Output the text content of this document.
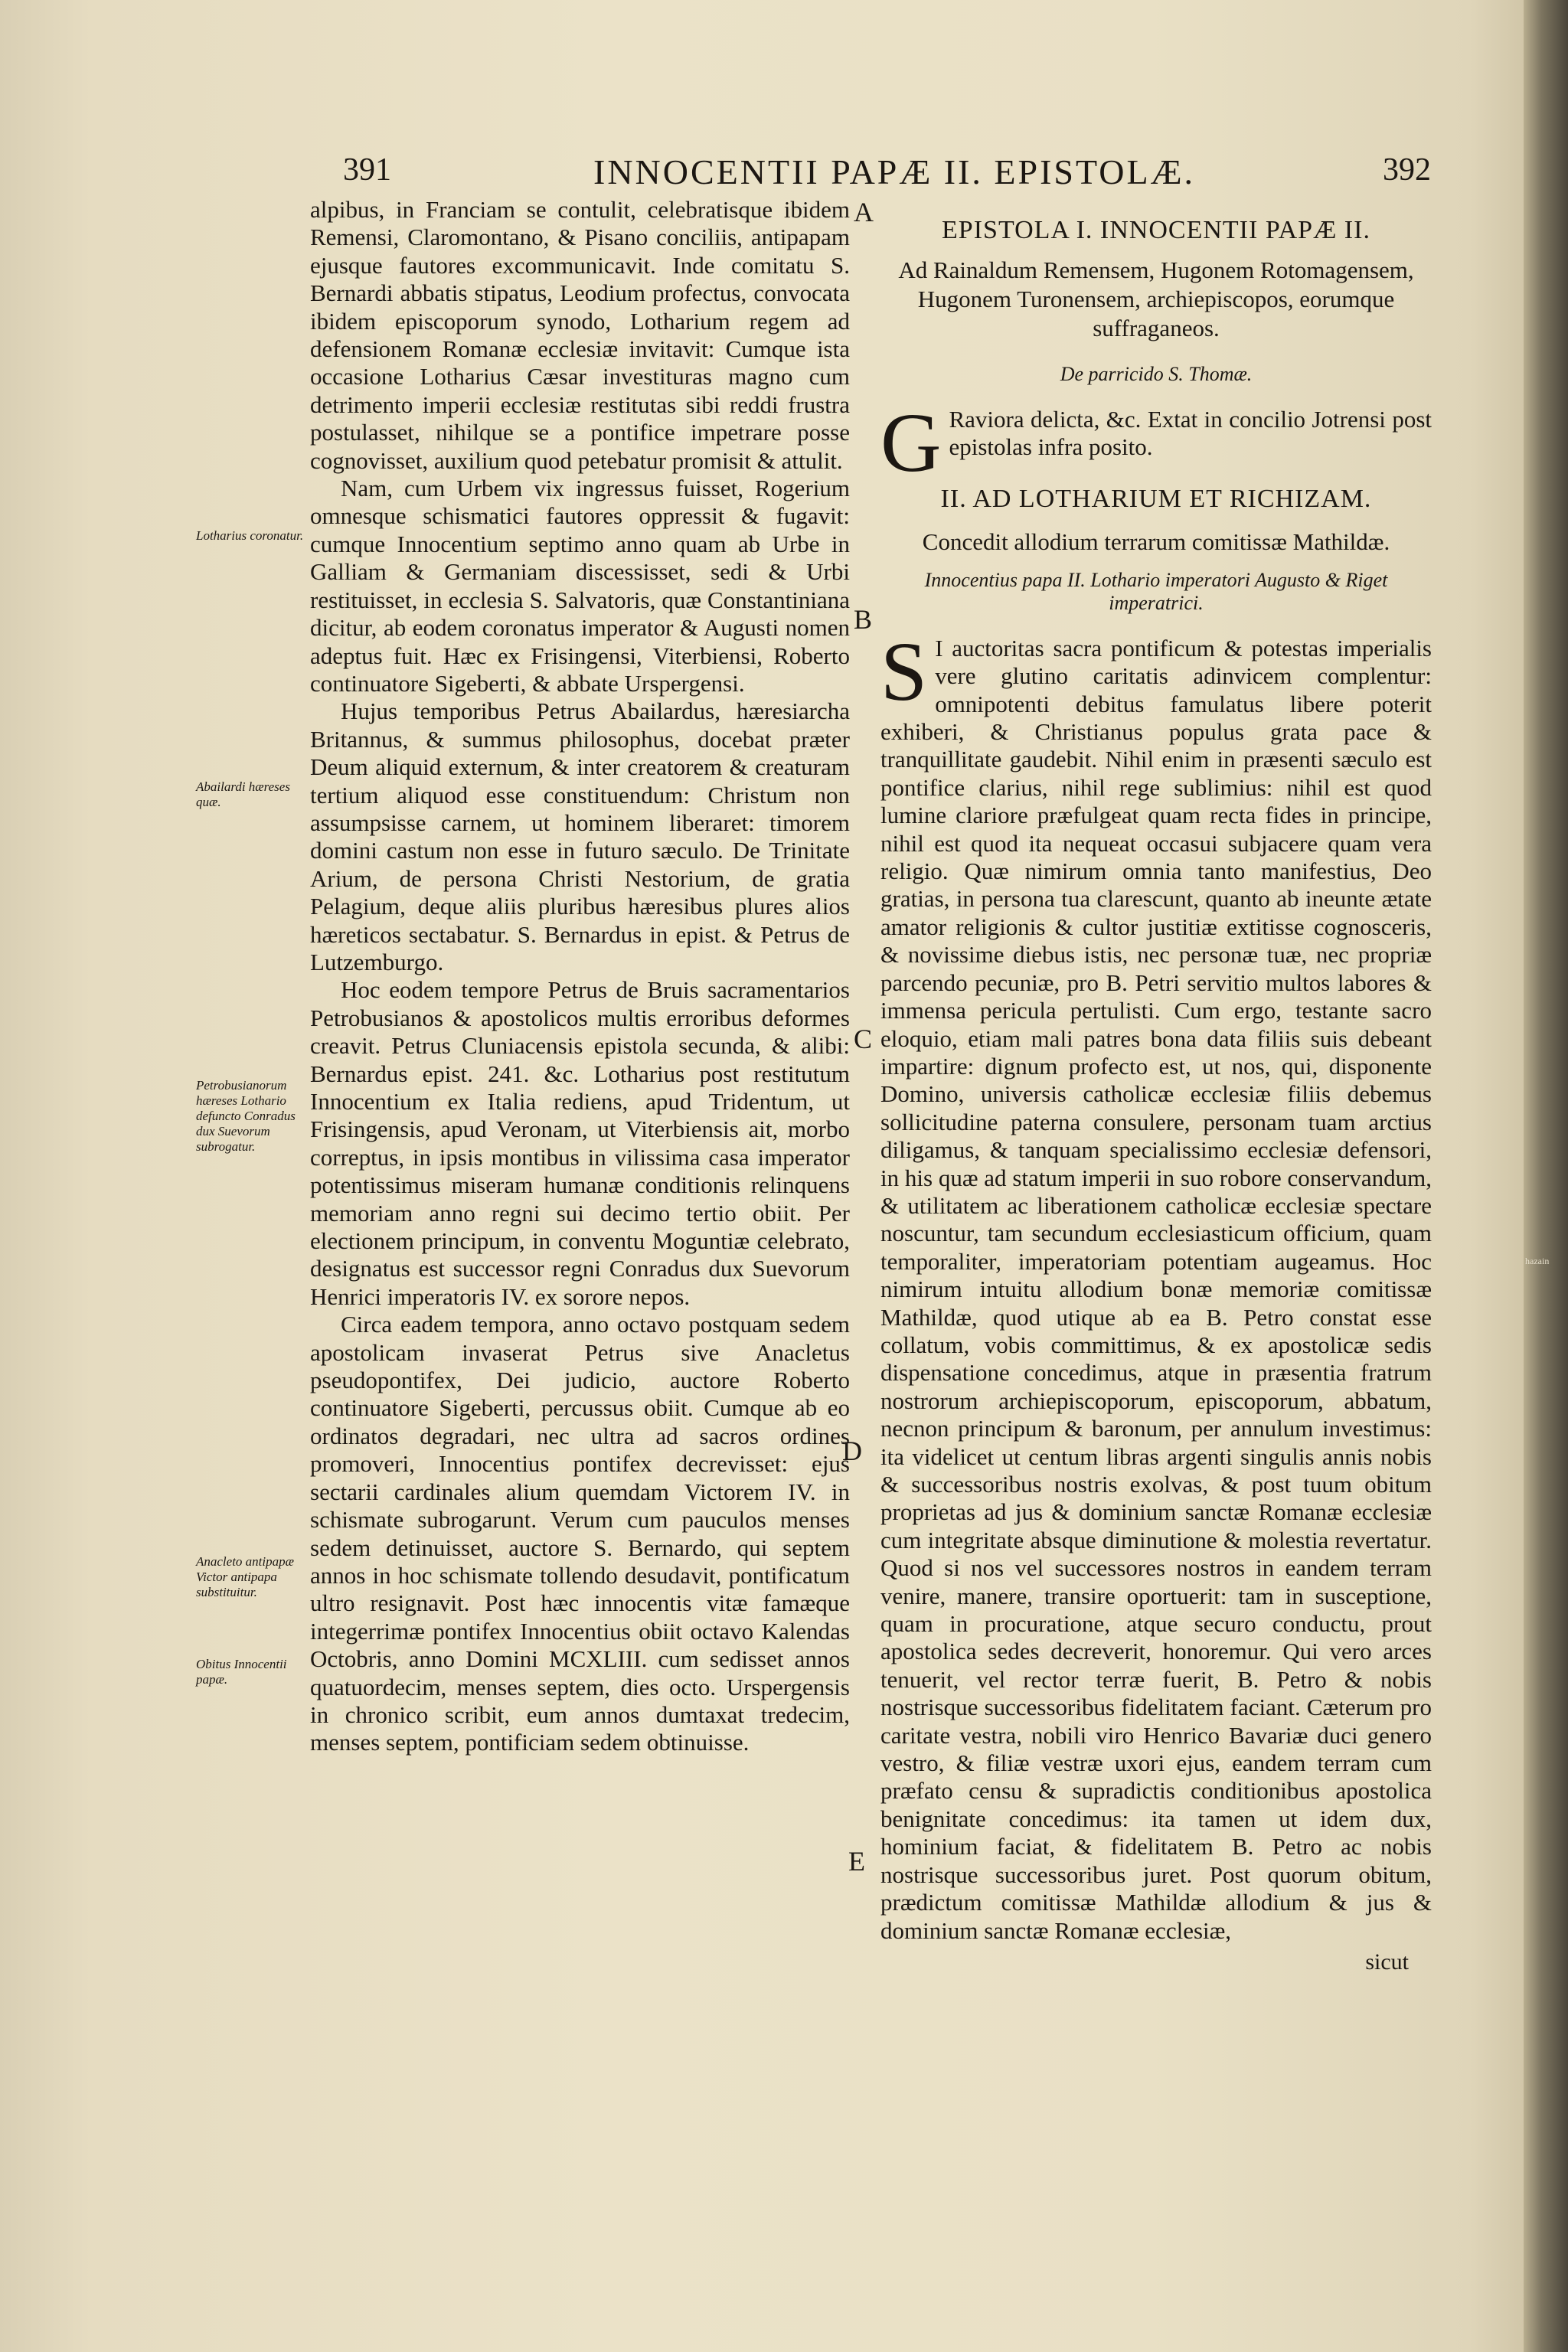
hazain
391	INNOCENTII PAPÆ II. EPISTOLÆ.	392
Lotharius coronatur.
Abailardi hæreses quæ.
Petrobusianorum hæreses Lothario defuncto Conradus dux Suevorum subrogatur.
Anacleto antipapæ Victor antipapa substituitur.
Obitus Innocentii papæ.
A
B
C
D
E

alpibus, in Franciam se contulit, celebratisque ibidem Remensi, Claromontano, & Pisano conciliis, antipapam ejusque fautores excommunicavit. Inde comitatu S. Bernardi abbatis stipatus, Leodium profectus, convocata ibidem episcoporum synodo, Lotharium regem ad defensionem Romanæ ecclesiæ invitavit: Cumque ista occasione Lotharius Cæsar investituras magno cum detrimento imperii ecclesiæ restitutas sibi reddi frustra postulasset, nihilque se a pontifice impetrare posse cognovisset, auxilium quod petebatur promisit & attulit.

Nam, cum Urbem vix ingressus fuisset, Rogerium omnesque schismatici fautores oppressit & fugavit: cumque Innocentium septimo anno quam ab Urbe in Galliam & Germaniam discessisset, sedi & Urbi restituisset, in ecclesia S. Salvatoris, quæ Constantiniana dicitur, ab eodem coronatus imperator & Augusti nomen adeptus fuit. Hæc ex Frisingensi, Viterbiensi, Roberto continuatore Sigeberti, & abbate Urspergensi.

Hujus temporibus Petrus Abailardus, hæresiarcha Britannus, & summus philosophus, docebat præter Deum aliquid externum, & inter creatorem & creaturam tertium aliquod esse constituendum: Christum non assumpsisse carnem, ut hominem liberaret: timorem domini castum non esse in futuro sæculo. De Trinitate Arium, de persona Christi Nestorium, de gratia Pelagium, deque aliis pluribus hæresibus plures alios hæreticos sectabatur. S. Bernardus in epist. & Petrus de Lutzemburgo.

Hoc eodem tempore Petrus de Bruis sacramentarios Petrobusianos & apostolicos multis erroribus deformes creavit. Petrus Cluniacensis epistola secunda, & alibi: Bernardus epist. 241. &c. Lotharius post restitutum Innocentium ex Italia rediens, apud Tridentum, ut Frisingensis, apud Veronam, ut Viterbiensis ait, morbo correptus, in ipsis montibus in vilissima casa imperator potentissimus miseram humanæ conditionis relinquens memoriam anno regni sui decimo tertio obiit. Per electionem principum, in conventu Moguntiæ celebrato, designatus est successor regni Conradus dux Suevorum Henrici imperatoris IV. ex sorore nepos.

Circa eadem tempora, anno octavo postquam sedem apostolicam invaserat Petrus sive Anacletus pseudopontifex, Dei judicio, auctore Roberto continuatore Sigeberti, percussus obiit. Cumque ab eo ordinatos degradari, nec ultra ad sacros ordines promoveri, Innocentius pontifex decrevisset: ejus sectarii cardinales alium quemdam Victorem IV. in schismate subrogarunt. Verum cum pauculos menses sedem detinuisset, auctore S. Bernardo, qui septem annos in hoc schismate tollendo desudavit, pontificatum ultro resignavit. Post hæc innocentis vitæ famæque integerrimæ pontifex Innocentius obiit octavo Kalendas Octobris, anno Domini MCXLIII. cum sedisset annos quatuordecim, menses septem, dies octo. Urspergensis in chronico scribit, eum annos dumtaxat tredecim, menses septem, pontificiam sedem obtinuisse.

EPISTOLA I. INNOCENTII PAPÆ II.
Ad Rainaldum Remensem, Hugonem Rotomagensem, Hugonem Turonensem, archiepiscopos, eorumque suffraganeos.
De parricido S. Thomæ.

G Raviora delicta, &c. Extat in concilio Jotrensi post epistolas infra posito.

II. AD LOTHARIUM ET RICHIZAM.
Concedit allodium terrarum comitissæ Mathildæ.
Innocentius papa II. Lothario imperatori Augusto & Riget imperatrici.

S I auctoritas sacra pontificum & potestas imperialis vere glutino caritatis adinvicem complentur: omnipotenti debitus famulatus libere poterit exhiberi, & Christianus populus grata pace & tranquillitate gaudebit. Nihil enim in præsenti sæculo est pontifice clarius, nihil rege sublimius: nihil est quod lumine clariore præfulgeat quam recta fides in principe, nihil est quod ita nequeat occasui subjacere quam vera religio. Quæ nimirum omnia tanto manifestius, Deo gratias, in persona tua clarescunt, quanto ab ineunte ætate amator religionis & cultor justitiæ extitisse cognosceris, & novissime diebus istis, nec personæ tuæ, nec propriæ parcendo pecuniæ, pro B. Petri servitio multos labores & immensa pericula pertulisti. Cum ergo, testante sacro eloquio, etiam mali patres bona data filiis suis debeant impartire: dignum profecto est, ut nos, qui, disponente Domino, universis catholicæ ecclesiæ filiis debemus sollicitudine paterna consulere, personam tuam arctius diligamus, & tanquam specialissimo ecclesiæ defensori, in his quæ ad statum imperii in suo robore conservandum, & utilitatem ac liberationem catholicæ ecclesiæ spectare noscuntur, tam secundum ecclesiasticum officium, quam temporaliter, imperatoriam potentiam augeamus. Hoc nimirum intuitu allodium bonæ memoriæ comitissæ Mathildæ, quod utique ab ea B. Petro constat esse collatum, vobis committimus, & ex apostolicæ sedis dispensatione concedimus, atque in præsentia fratrum nostrorum archiepiscoporum, episcoporum, abbatum, necnon principum & baronum, per annulum investimus: ita videlicet ut centum libras argenti singulis annis nobis & successoribus nostris exolvas, & post tuum obitum proprietas ad jus & dominium sanctæ Romanæ ecclesiæ cum integritate absque diminutione & molestia revertatur. Quod si nos vel successores nostros in eandem terram venire, manere, transire oportuerit: tam in susceptione, quam in procuratione, atque securo conductu, prout apostolica sedes decreverit, honoremur. Qui vero arces tenuerit, vel rector terræ fuerit, B. Petro & nobis nostrisque successoribus fidelitatem faciant. Cæterum pro caritate vestra, nobili viro Henrico Bavariæ duci genero vestro, & filiæ vestræ uxori ejus, eandem terram cum præfato censu & supradictis conditionibus apostolica benignitate concedimus: ita tamen ut idem dux, hominium faciat, & fidelitatem B. Petro ac nobis nostrisque successoribus juret. Post quorum obitum, prædictum comitissæ Mathildæ allodium & jus & dominium sanctæ Romanæ ecclesiæ,

sicut
